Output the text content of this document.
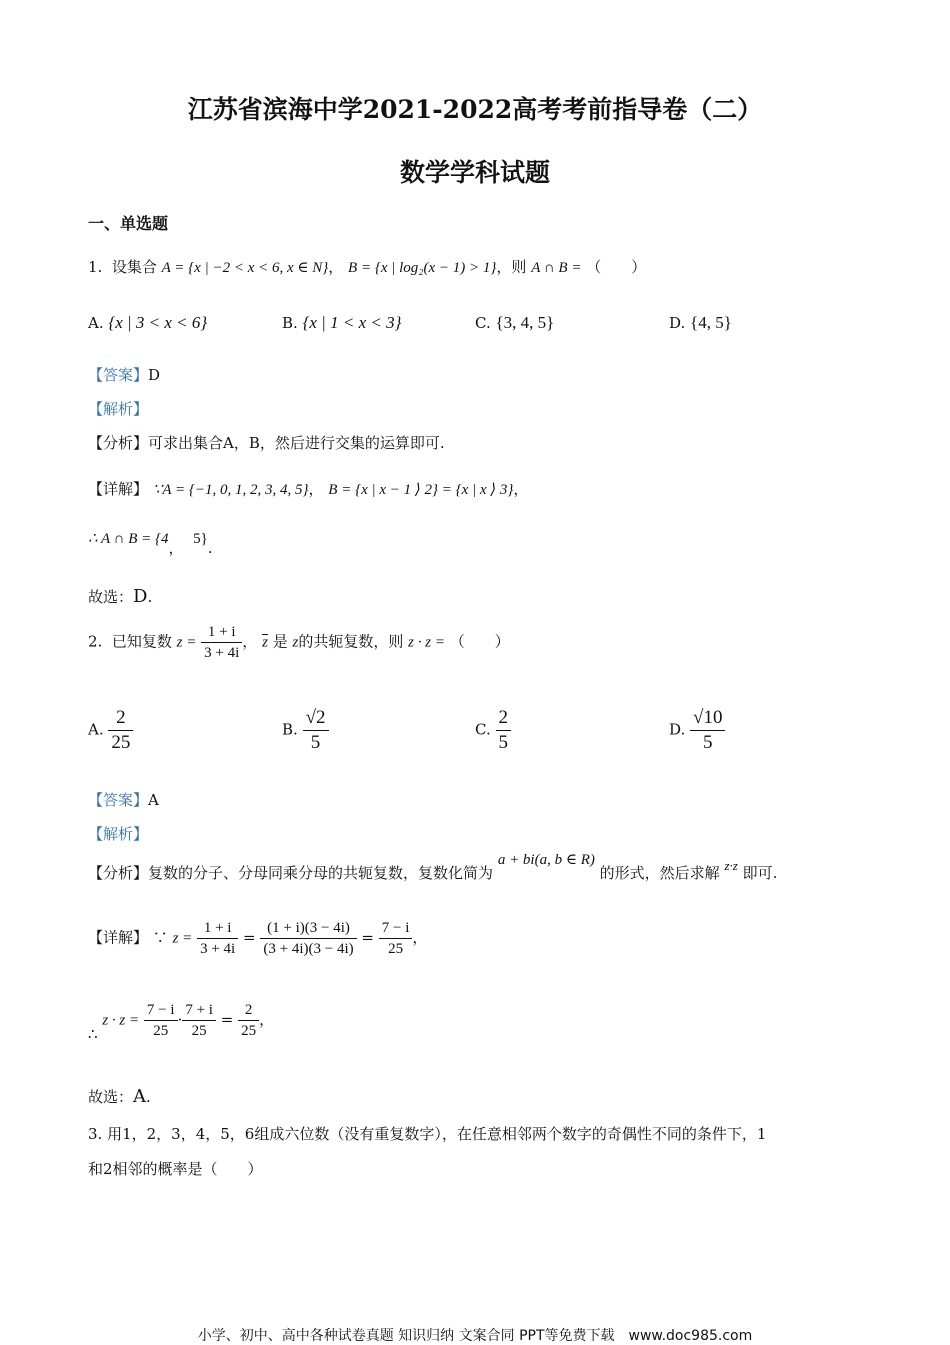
江苏省滨海中学2021-2022高考考前指导卷（二）
数学学科试题
一、单选题
1. 设集合 A = {x | −2 < x < 6, x ∈ N}， B = {x | log₂(x − 1) > 1}，则 A ∩ B = （　　）
A. {x | 3 < x < 6}	B. {x | 1 < x < 3}	C. {3, 4, 5}	D. {4, 5}
【答案】D
【解析】
【分析】可求出集合A，B，然后进行交集的运算即可.
【详解】 ∵A = {−1, 0, 1, 2, 3, 4, 5}， B = {x | x − 1 ⟩ 2} = {x | x ⟩ 3}，
∴ A ∩ B = {4， 5}.
故选：D.
2. 已知复数 $z = \frac{1 + i}{3 + 4i}$ ， $\overline{z}$ 是 z的共轭复数，则 z · z = （　　）
A. $\frac{2}{25}$	B. $\frac{√2}{5}$	C. $\frac{2}{5}$	D. $\frac{√10}{5}$
【答案】A
【解析】
【分析】复数的分子、分母同乘分母的共轭复数，复数化简为 a + bi(a, b ∈ R) 的形式，然后求解 z·z 即可.
【详解】 ∵ $z = \frac{1 + i}{3 + 4i} = \frac{(1 + i)(3 - 4i)}{(3 + 4i)(3 - 4i)} = \frac{7 - i}{25}$ ，
∴ $z \cdot z = \frac{7 - i}{25} \cdot \frac{7 + i}{25} = \frac{2}{25}$ ，
故选：A.
3. 用1，2，3，4，5，6组成六位数（没有重复数字），在任意相邻两个数字的奇偶性不同的条件下，1
和2相邻的概率是（　　）
小学、初中、高中各种试卷真题 知识归纳 文案合同 PPT等免费下载　www.doc985.com
